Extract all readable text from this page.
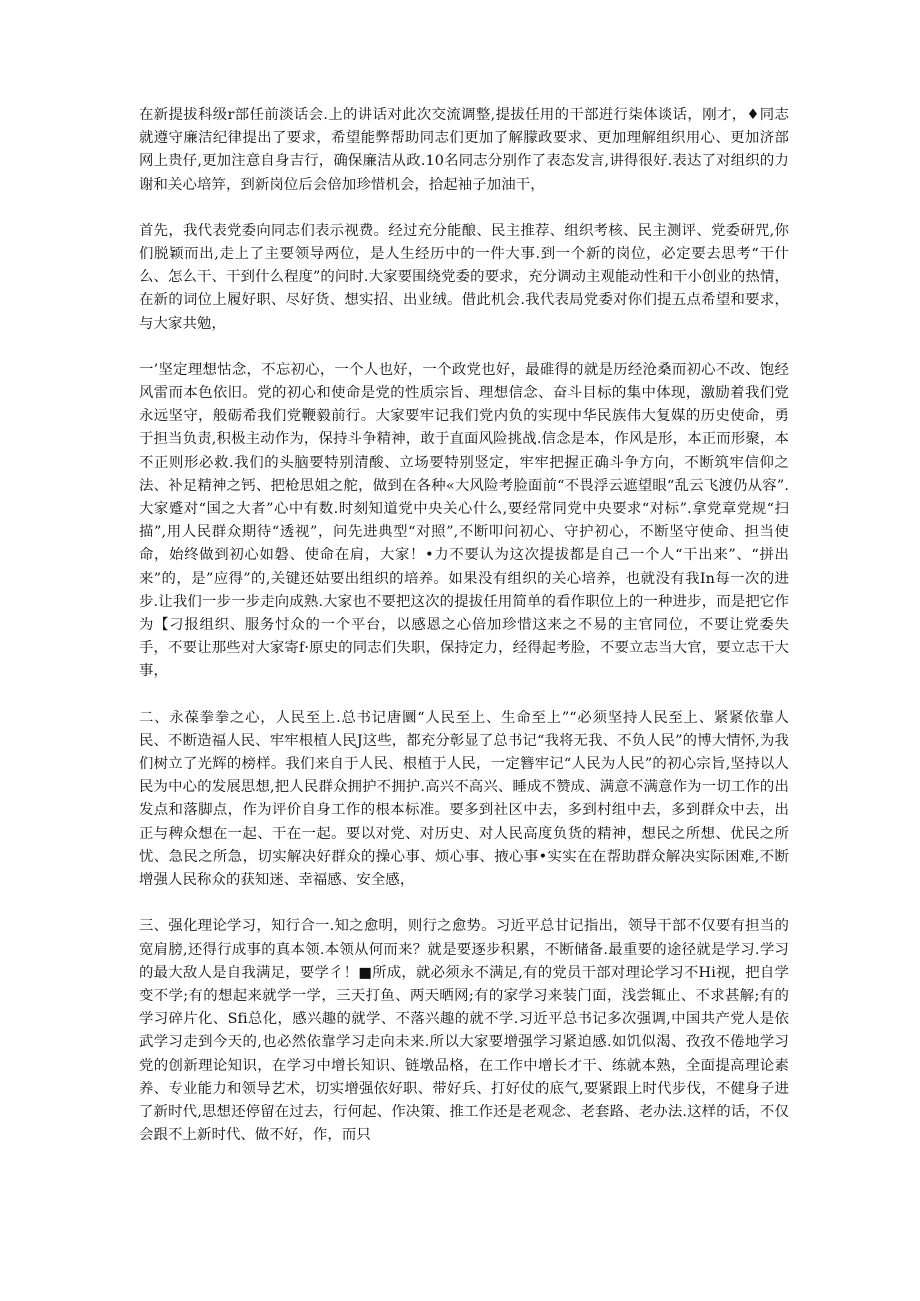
在新提拔科级r部任前淡话会.上的讲话对此次交流调整,提拔任用的干部逬行柒体谈话，刚才，♦同志就遵守廉洁纪律提出了要求，希望能弊帮助同志们更加了解朦政要求、更加理解组织用心、更加济部网上贵仔,更加注意自身吉行，确保廉洁从政.10名同志分别作了表态发言,讲得很好.表达了对组织的力谢和关心培笄，到新岗位后会倍加珍惜机会，拾起袖子加油干，

首先，我代表党委向同志们表示视费。经过充分能酿、民主推荐、组织考核、民主测评、党委研咒,你们脱颖而出,走上了主要领导两位，是人生经历中的一件大事.到一个新的岗位，必定要去思考“干什么、怎么干、干到什么程度”的问时.大家要围绕党委的要求，充分调动主观能动性和干小创业的热情，在新的词位上履好职、尽好货、想实招、出业绒。借此机会.我代表局党委对你们提五点希望和要求，与大家共勉，

一’坚定理想怙念，不忘初心，一个人也好，一个政党也好，最碓得的就是历经沧桑而初心不改、饱经风雷而本色依旧。党的初心和使命是党的性质宗旨、理想信念、奋斗目标的集中体现，激励着我们党永远坚守，般砺希我们党鞭毅前行。大家要牢记我们党内负的实现中华民族伟大复媒的历史使命，勇于担当负责,积极主动作为，保持斗争精神，敢于直面风险挑战.信念是本，作风是形，本正而形聚，本不正则形必救.我们的头脑要特别清酸、立场要特别竖定，牢牢把握正确斗争方向，不断筑牢信仰之法、补足精神之钙、把枪思姐之舵，做到在各种«大风险考脸面前“不畏浮云遮望眼“乱云飞渡仍从容”.大家蹙对“国之大者”心中有数.时刻知道党中央关心什么,要经常同党中央要求“对标”.拿党章党规“扫描”,用人民群众期待“透视”，问先进典型“对照”,不断叩问初心、守护初心，不断坚守使命、担当使命，始终做到初心如磐、使命在肩，大家！•力不要认为这次提拔都是自己一个人“干出来”、“拼出来”的，是”应得”的,关键还姑要出组织的培养。如果没有组织的关心培养，也就没有我In每一次的进步.让我们一步一步走向成熟.大家也不要把这次的提拔任用简单的看作职位上的一种进步，而是把它作为【刁报组织、服务忖众的一个平台，以感恩之心倍加珍惜这来之不易的主官同位，不要让党委失手，不要让那些对大家寄f·原史的同志们失职，保持定力，经得起考脸，不要立志当大官，要立志干大事，

二、永葆拳拳之心，人民至上.总书记唐圜“人民至上、生命至上”“必须坚持人民至上、紧紧依靠人民、不断造福人民、牢牢根植人民J这些，都充分彰显了总书记“我将无我、不负人民”的博大情怀,为我们树立了光辉的榜样。我们来自于人民、根植于人民，一定簪牢记“人民为人民”的初心宗旨,坚持以人民为中心的发展思想,把人民群众拥护不拥护.高兴不高兴、睡成不赞成、满意不满意作为一切工作的出发点和落脚点，作为评价自身工作的根本标准。要多到社区中去，多到村组中去，多到群众中去，出正与稗众想在一起、干在一起。要以对党、对历史、对人民高度负货的精神，想民之所想、优民之所忧、急民之所急，切实解决好群众的操心事、烦心事、掖心事•实实在在帮助群众解决实际困难,不断增强人民称众的获知迷、幸福感、安全感，

三、强化理论学习，知行合一.知之愈明，则行之愈势。习近平总甘记指出，领导干部不仅要有担当的宽肩膀,还得行成事的真本领.本领从何而来？就是要逐步积累，不断储备.最重要的途径就是学习.学习的最大敌人是自我满足，要学彳！■所成，就必须永不满足,有的党员干部对理论学习不Hi视，把自学变不学;有的想起来就学一学，三天打鱼、两天晒网;有的家学习来装门面，浅尝辄止、不求甚解;有的学习碎片化、Sfi总化，感兴趣的就学、不落兴趣的就不学.习近平总书记多次强调,中国共产党人是依武学习走到今天的,也必然依靠学习走向未来.所以大家要增强学习紧迫感.如饥似渴、孜孜不倦地学习党的创新理论知识，在学习中增长知识、链墩品格，在工作中增长才干、练就本熟，全面提高理论素养、专业能力和领导艺术，切实增强依好职、带好兵、打好仗的底气,要紧跟上时代步伐，不健身子进了新时代,思想还停留在过去，行何起、作决策、推工作还是老观念、老套路、老办法.这样的话，不仅会跟不上新时代、做不好，作，而只
